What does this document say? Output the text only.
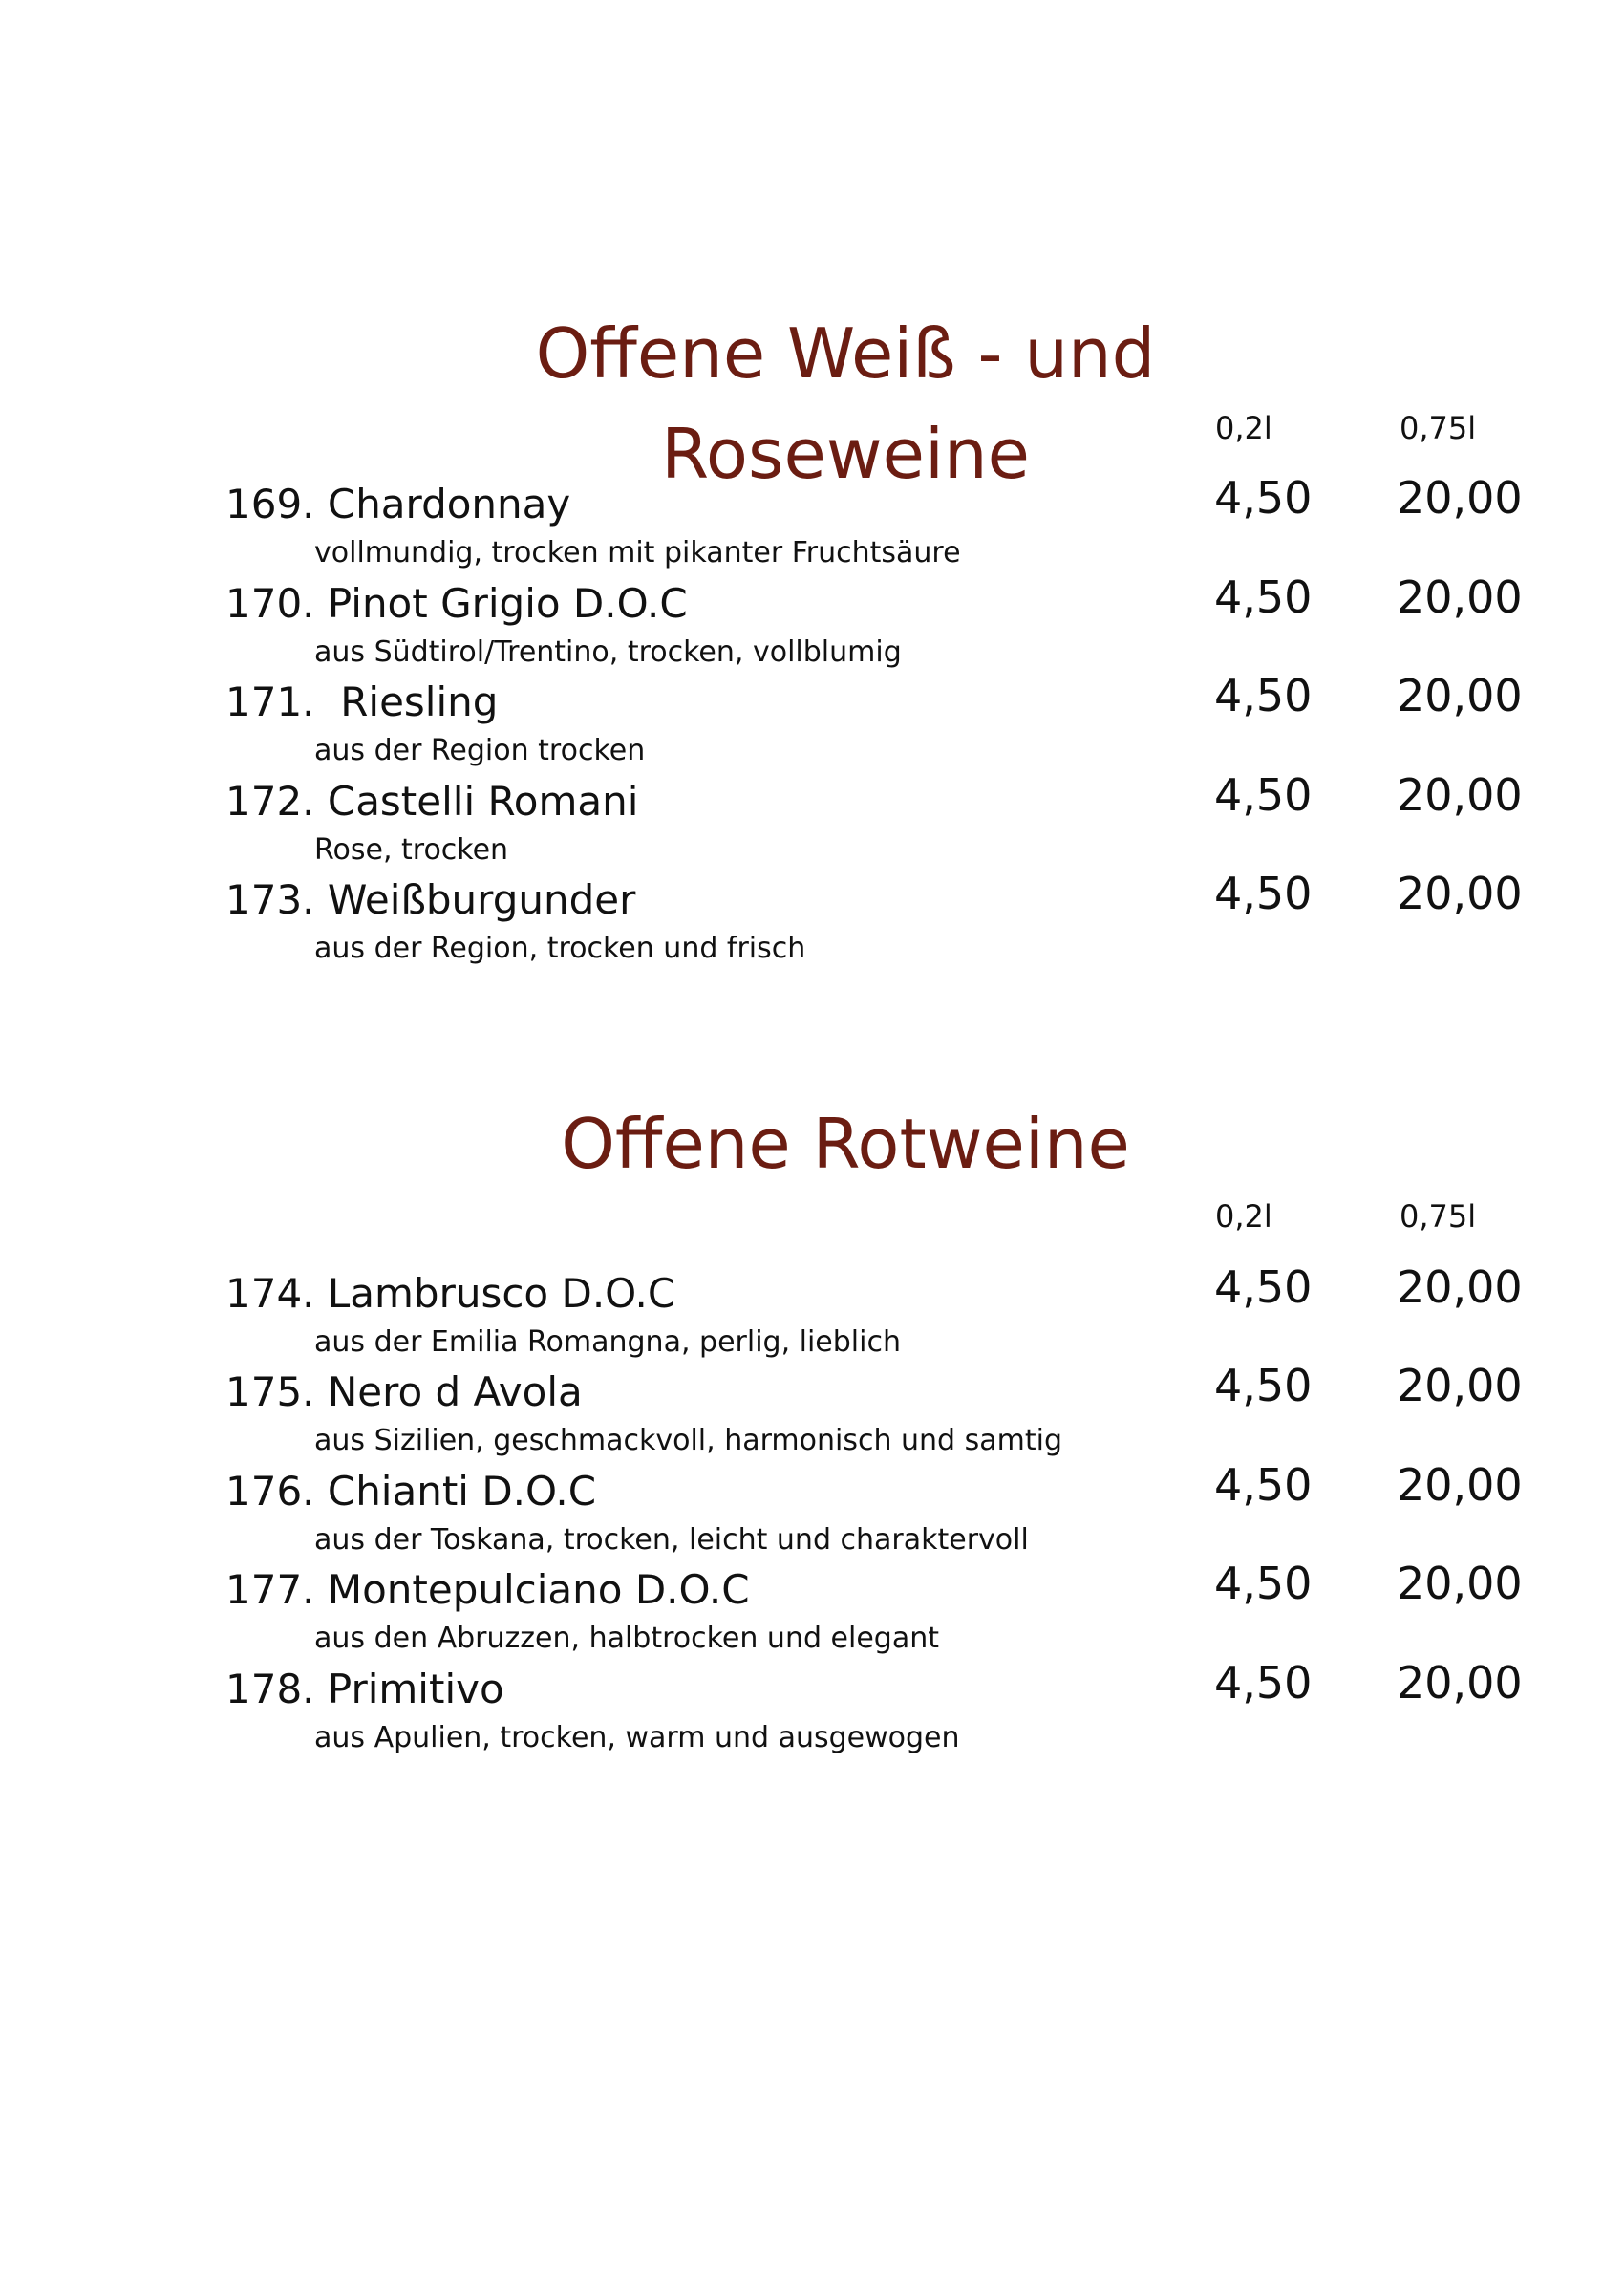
Offene Weiß - und
Roseweine	0,2l	0,75l
169. Chardonnay
vollmundig, trocken mit pikanter Fruchtsäure
4,50 20,00
170. Pinot Grigio D.O.C
aus Südtirol/Trentino, trocken, vollblumig
4,50 20,00
171.  Riesling
aus der Region trocken
4,50 20,00
172. Castelli Romani
Rose, trocken
4,50 20,00
173. Weißburgunder
aus der Region, trocken und frisch
4,50 20,00
Offene Rotweine
0,2l	0,75l
174. Lambrusco D.O.C
aus der Emilia Romangna, perlig, lieblich
4,50 20,00
175. Nero d Avola
aus Sizilien, geschmackvoll, harmonisch und samtig
4,50 20,00
176. Chianti D.O.C
aus der Toskana, trocken, leicht und charaktervoll
4,50 20,00
177. Montepulciano D.O.C
aus den Abruzzen, halbtrocken und elegant
4,50 20,00
178. Primitivo
aus Apulien, trocken, warm und ausgewogen
4,50 20,00
